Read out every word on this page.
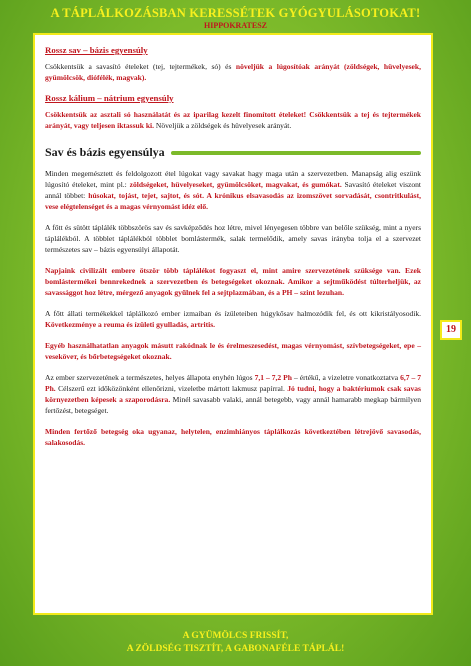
A TÁPLÁLKOZÁSBAN KERESSÉTEK GYÓGYULÁSOTOKAT!
HIPPOKRATESZ
Rossz sav – bázis egyensúly

Csökkentsük a savasító ételeket (tej, tejtermékek, só) és növeljük a lúgosítóak arányát (zöldségek, hüvelyesek, gyümölcsök, diófélék, magvak).

Rossz kálium – nátrium egyensúly

Csökkentsük az asztali só használatát és az iparilag kezelt finomított ételeket! Csökkentsük a tej és tejtermékek arányát, vagy teljesen iktassuk ki. Növeljük a zöldségek és hüvelyesek arányát.

Sav és bázis egyensúlya

Minden megemésztett és feldolgozott étel lúgokat vagy savakat hagy maga után a szervezetben. Manapság alig eszünk lúgosító ételeket, mint pl.: zöldségeket, hüvelyeseket, gyümölcsöket, magvakat, és gumókat. Savasító ételeket viszont annál többet: húsokat, tojást, tejet, sajtot, és sót. A krónikus elsavasodás az izomszövet sorvadását, csontritkulást, vese elégtelenséget és a magas vérnyomást idéz elő.

A főtt és sütött táplálék többszörös sav és savképződés hoz létre, mivel lényegesen többre van belőle szükség, mint a nyers táplálékból. A többlet táplálékból többlet bomlástermék, salak termelődik, amely savas irányba tolja el a szervezet természetes sav – bázis egyensúlyi állapotát.

Napjaink civilizált embere ötször több táplálékot fogyaszt el, mint amire szervezetének szüksége van. Ezek bomlástermékei bennrekednek a szervezetben és betegségeket okoznak. Amikor a sejtműködést túlterheljük, az savassággot hoz létre, mérgező anyagok gyűlnek fel a sejtplazmában, és a PH – szint lezuhan.

A főtt állati termékekkel táplálkozó ember izmaiban és ízületeiben húgykősav halmozódik fel, és ott kikristályosodik. Következménye a reuma és ízületi gyulladás, artritis.

Egyéb használhatatlan anyagok másutt rakódnak le és érelmeszesedést, magas vérnyomást, szívbetegségeket, epe – veseköveт, és bőrbetegségeket okoznak.

Az ember szervezetének a természetes, helyes állapota enyhén lúgos 7,1 – 7,2 Ph – értékű, a vizeletre vonatkoztatva 6,7 – 7 Ph. Célszerű ezt időközönként ellenőrizni, vizeletbe mártott lakmusz papírral. Jó tudni, hogy a baktériumok csak savas környezetben képesek a szaporodásra. Minél savasabb valaki, annál betegebb, vagy annál hamarabb megkap bármilyen fertőzést, betegséget.

Minden fertőző betegség oka ugyanaz, helytelen, enzimhiányos táplálkozás következtében létrejövő savasodás, salakosodás.

19
A GYÜMÖLCS FRISSÍT,
A ZÖLDSÉG TISZTÍT, A GABONAFÉLE TÁPLÁL!
